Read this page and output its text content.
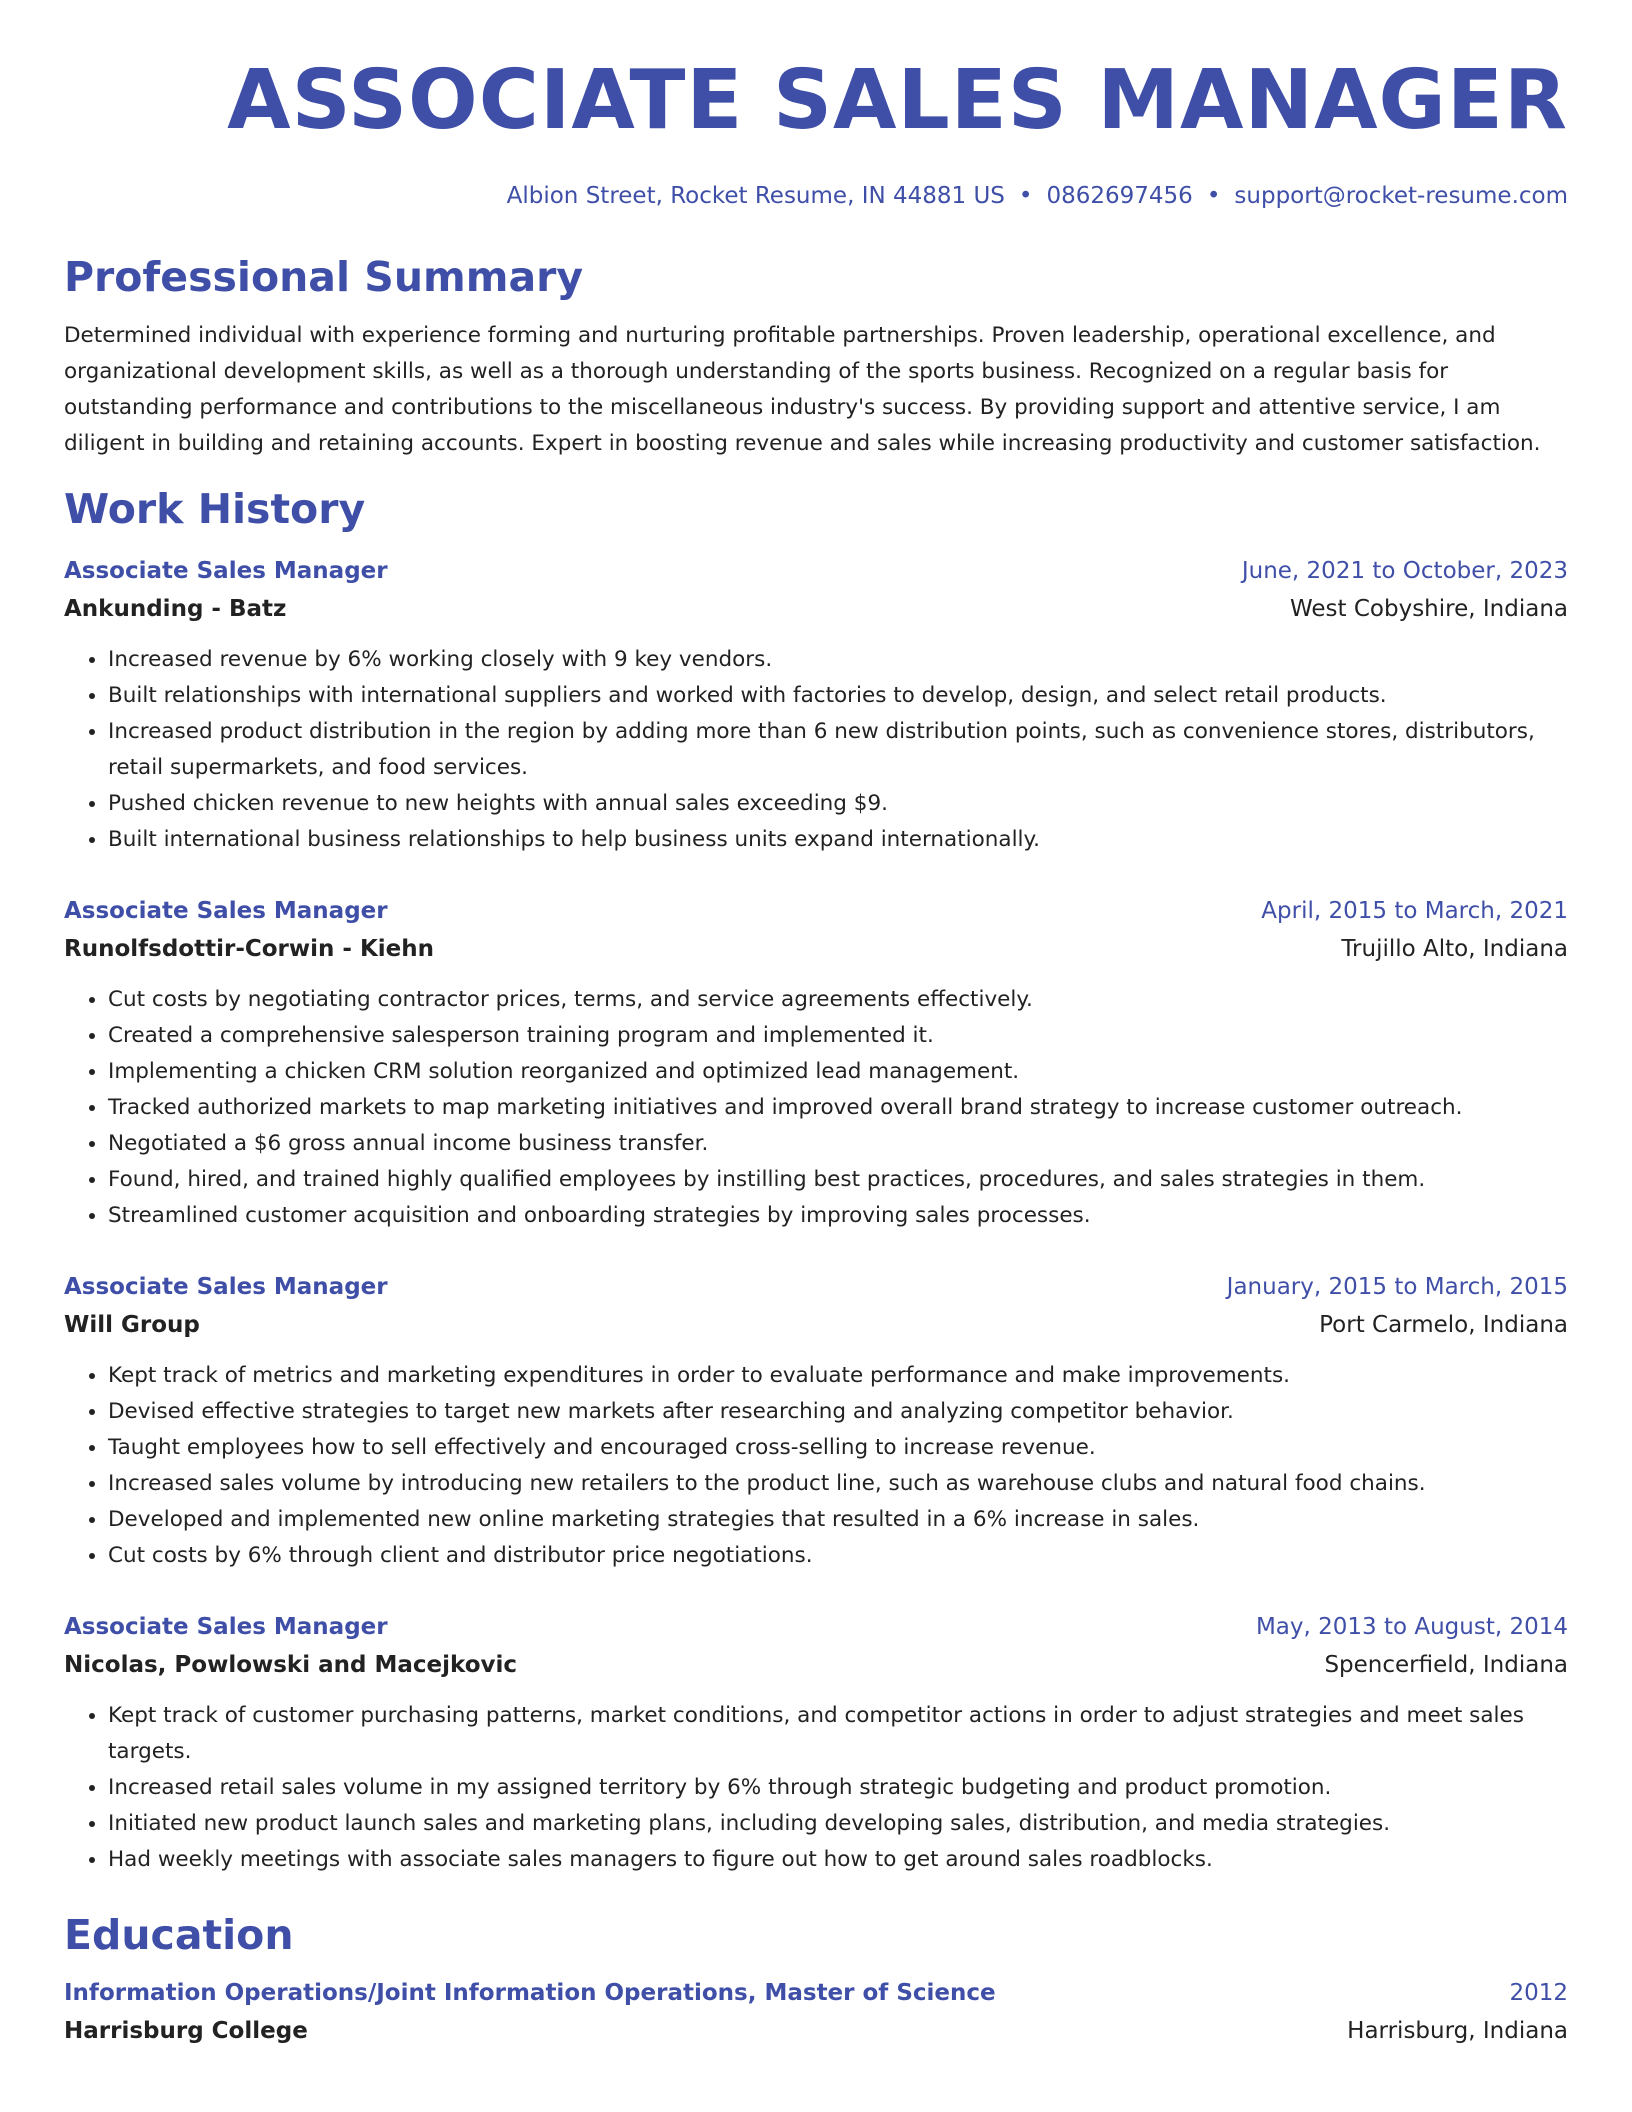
ASSOCIATE SALES MANAGER
Albion Street, Rocket Resume, IN 44881 US • 0862697456 • support@rocket-resume.com
Professional Summary

Determined individual with experience forming and nurturing profitable partnerships. Proven leadership, operational excellence, and organizational development skills, as well as a thorough understanding of the sports business. Recognized on a regular basis for outstanding performance and contributions to the miscellaneous industry's success. By providing support and attentive service, I am diligent in building and retaining accounts. Expert in boosting revenue and sales while increasing productivity and customer satisfaction.

Work History
Associate Sales Manager	June, 2021 to October, 2023
Ankunding - Batz	West Cobyshire, Indiana
• Increased revenue by 6% working closely with 9 key vendors.
• Built relationships with international suppliers and worked with factories to develop, design, and select retail products.
• Increased product distribution in the region by adding more than 6 new distribution points, such as convenience stores, distributors, retail supermarkets, and food services.
• Pushed chicken revenue to new heights with annual sales exceeding $9.
• Built international business relationships to help business units expand internationally.
Associate Sales Manager	April, 2015 to March, 2021
Runolfsdottir-Corwin - Kiehn	Trujillo Alto, Indiana
• Cut costs by negotiating contractor prices, terms, and service agreements effectively.
• Created a comprehensive salesperson training program and implemented it.
• Implementing a chicken CRM solution reorganized and optimized lead management.
• Tracked authorized markets to map marketing initiatives and improved overall brand strategy to increase customer outreach.
• Negotiated a $6 gross annual income business transfer.
• Found, hired, and trained highly qualified employees by instilling best practices, procedures, and sales strategies in them.
• Streamlined customer acquisition and onboarding strategies by improving sales processes.
Associate Sales Manager	January, 2015 to March, 2015
Will Group	Port Carmelo, Indiana
• Kept track of metrics and marketing expenditures in order to evaluate performance and make improvements.
• Devised effective strategies to target new markets after researching and analyzing competitor behavior.
• Taught employees how to sell effectively and encouraged cross-selling to increase revenue.
• Increased sales volume by introducing new retailers to the product line, such as warehouse clubs and natural food chains.
• Developed and implemented new online marketing strategies that resulted in a 6% increase in sales.
• Cut costs by 6% through client and distributor price negotiations.
Associate Sales Manager	May, 2013 to August, 2014
Nicolas, Powlowski and Macejkovic	Spencerfield, Indiana
• Kept track of customer purchasing patterns, market conditions, and competitor actions in order to adjust strategies and meet sales targets.
• Increased retail sales volume in my assigned territory by 6% through strategic budgeting and product promotion.
• Initiated new product launch sales and marketing plans, including developing sales, distribution, and media strategies.
• Had weekly meetings with associate sales managers to figure out how to get around sales roadblocks.
Education
Information Operations/Joint Information Operations, Master of Science	2012
Harrisburg College	Harrisburg, Indiana
